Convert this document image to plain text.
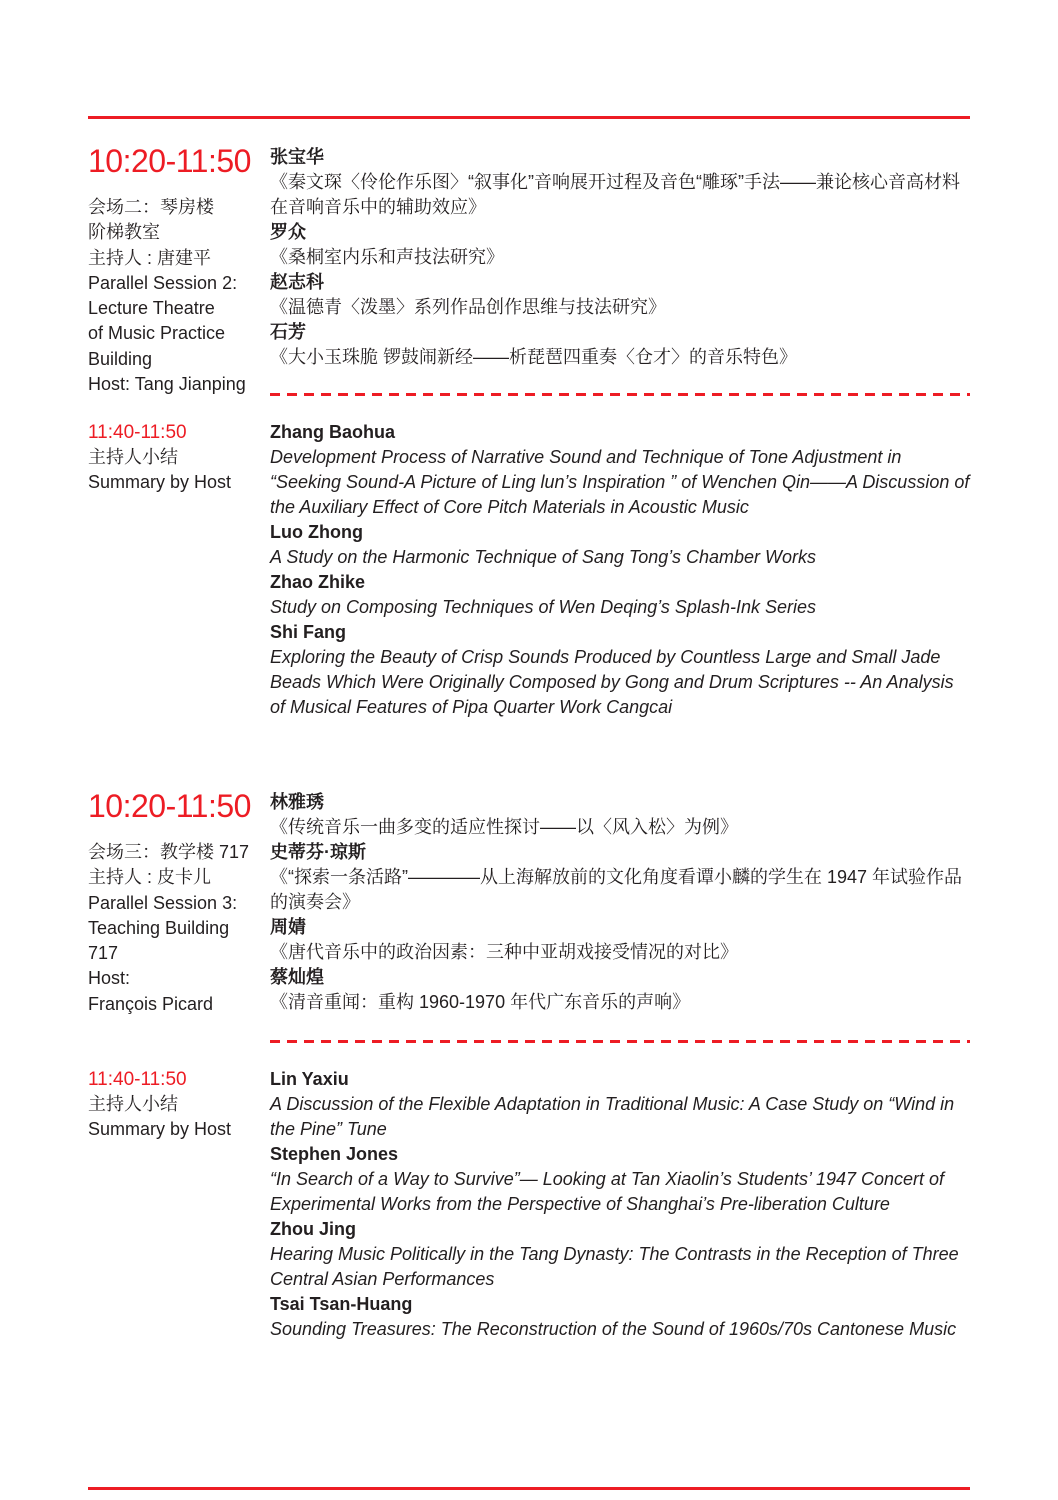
10:20-11:50
会场二：琴房楼
阶梯教室
主持人 : 唐建平
Parallel Session 2:
Lecture Theatre
of Music Practice
Building
Host: Tang Jianping
张宝华
《秦文琛〈伶伦作乐图〉“叙事化”音响展开过程及音色“雕琢”手法——兼论核心音高材料在音响音乐中的辅助效应》
罗众
《桑桐室内乐和声技法研究》
赵志科
《温德青〈泼墨〉系列作品创作思维与技法研究》
石芳
《大小玉珠脆 锣鼓闹新经——析琵琶四重奏〈仓才〉的音乐特色》
11:40-11:50
主持人小结
Summary by Host
Zhang Baohua
Development Process of Narrative Sound and Technique of Tone Adjustment in “Seeking Sound-A Picture of Ling lun’s Inspiration ” of Wenchen Qin——A Discussion of the Auxiliary Effect of Core Pitch Materials in Acoustic Music
Luo Zhong
A Study on the Harmonic Technique of Sang Tong’s Chamber Works
Zhao Zhike
Study on Composing Techniques of Wen Deqing’s Splash-Ink Series
Shi Fang
Exploring the Beauty of Crisp Sounds Produced by Countless Large and Small Jade Beads Which Were Originally Composed by Gong and Drum Scriptures -- An Analysis of Musical Features of Pipa Quarter Work Cangcai
10:20-11:50
会场三：教学楼 717
主持人 : 皮卡儿
Parallel Session 3:
Teaching Building
717
Host:
François Picard
林雅琇
《传统音乐一曲多变的适应性探讨——以〈风入松〉为例》
史蒂芬·琼斯
《“探索一条活路”————从上海解放前的文化角度看谭小麟的学生在 1947 年试验作品的演奏会》
周婧
《唐代音乐中的政治因素：三种中亚胡戏接受情况的对比》
蔡灿煌
《清音重闻：重构 1960-1970 年代广东音乐的声响》
11:40-11:50
主持人小结
Summary by Host
Lin Yaxiu
A Discussion of the Flexible Adaptation in Traditional Music: A Case Study on “Wind in the Pine” Tune
Stephen Jones
“In Search of a Way to Survive”— Looking at Tan Xiaolin’s Students’ 1947 Concert of Experimental Works from the Perspective of Shanghai’s Pre-liberation Culture
Zhou Jing
Hearing Music Politically in the Tang Dynasty: The Contrasts in the Reception of Three Central Asian Performances
Tsai Tsan-Huang
Sounding Treasures: The Reconstruction of the Sound of 1960s/70s Cantonese Music
